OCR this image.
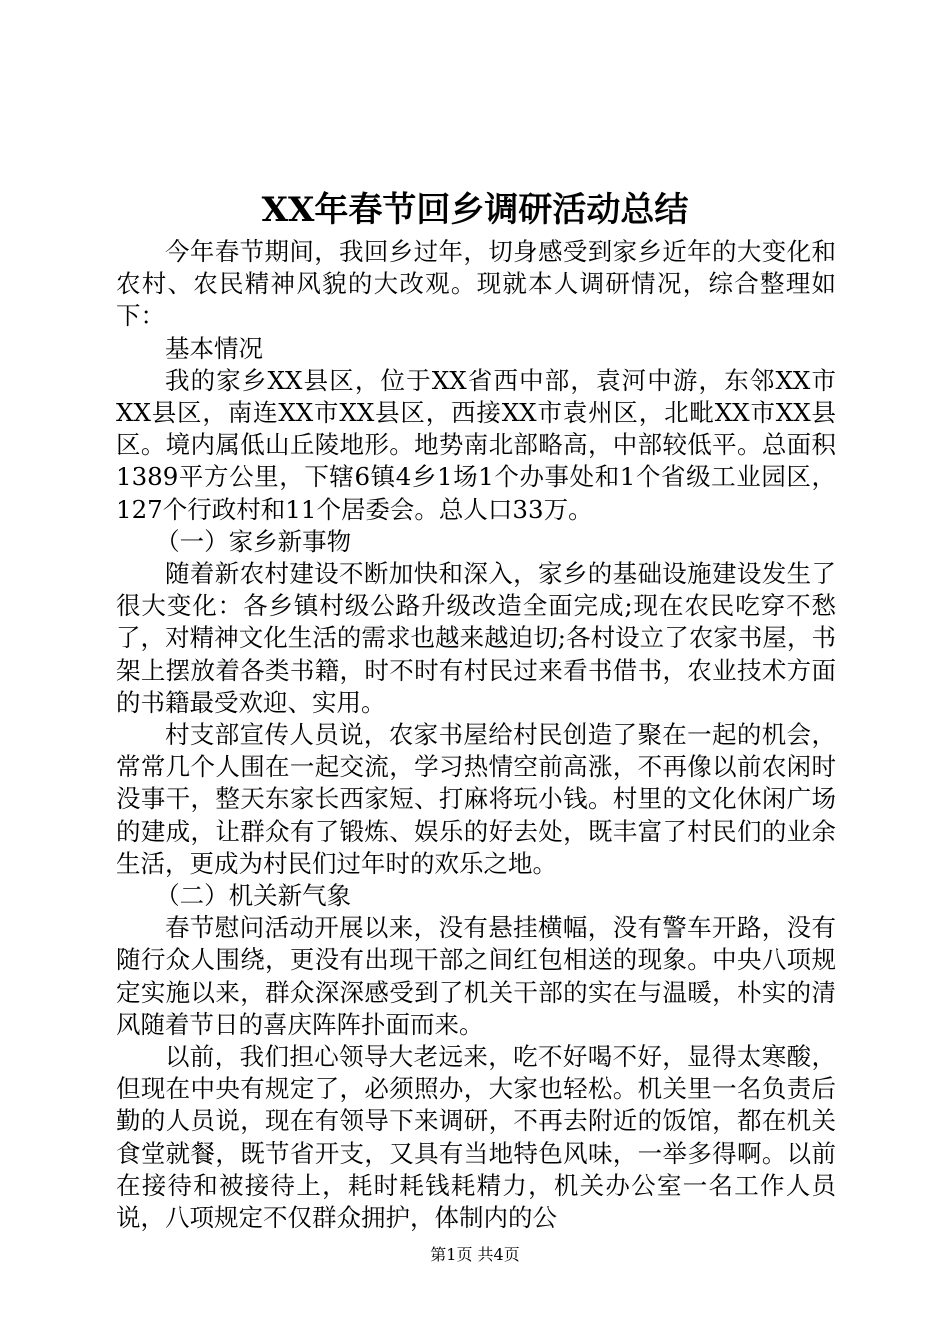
XX年春节回乡调研活动总结

今年春节期间，我回乡过年，切身感受到家乡近年的大变化和农村、农民精神风貌的大改观。现就本人调研情况，综合整理如下：

基本情况

我的家乡XX县区，位于XX省西中部，袁河中游，东邻XX市XX县区，南连XX市XX县区，西接XX市袁州区，北毗XX市XX县区。境内属低山丘陵地形。地势南北部略高，中部较低平。总面积1389平方公里，下辖6镇4乡1场1个办事处和1个省级工业园区，127个行政村和11个居委会。总人口33万。

（一）家乡新事物

随着新农村建设不断加快和深入，家乡的基础设施建设发生了很大变化：各乡镇村级公路升级改造全面完成;现在农民吃穿不愁了，对精神文化生活的需求也越来越迫切;各村设立了农家书屋，书架上摆放着各类书籍，时不时有村民过来看书借书，农业技术方面的书籍最受欢迎、实用。

村支部宣传人员说，农家书屋给村民创造了聚在一起的机会，常常几个人围在一起交流，学习热情空前高涨，不再像以前农闲时没事干，整天东家长西家短、打麻将玩小钱。村里的文化休闲广场的建成，让群众有了锻炼、娱乐的好去处，既丰富了村民们的业余生活，更成为村民们过年时的欢乐之地。

（二）机关新气象

春节慰问活动开展以来，没有悬挂横幅，没有警车开路，没有随行众人围绕，更没有出现干部之间红包相送的现象。中央八项规定实施以来，群众深深感受到了机关干部的实在与温暖，朴实的清风随着节日的喜庆阵阵扑面而来。

以前，我们担心领导大老远来，吃不好喝不好，显得太寒酸，但现在中央有规定了，必须照办，大家也轻松。机关里一名负责后勤的人员说，现在有领导下来调研，不再去附近的饭馆，都在机关食堂就餐，既节省开支，又具有当地特色风味，一举多得啊。以前在接待和被接待上，耗时耗钱耗精力，机关办公室一名工作人员说，八项规定不仅群众拥护，体制内的公

第1页 共4页
